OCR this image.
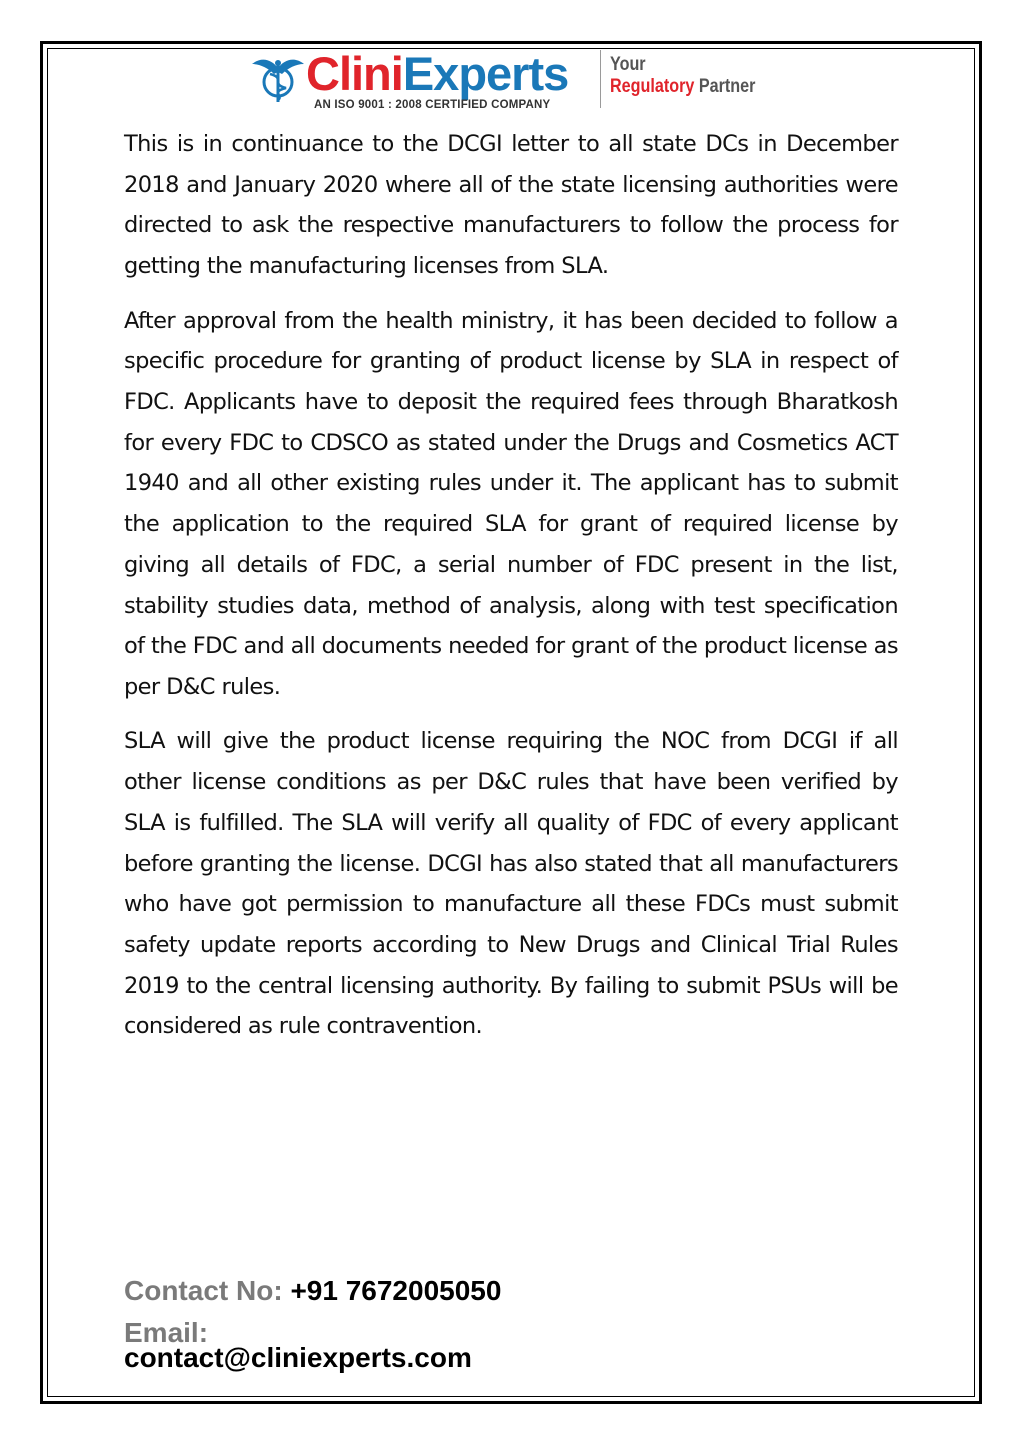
CliniExperts
AN ISO 9001 : 2008 CERTIFIED COMPANY
Your
Regulatory Partner

This is in continuance to the DCGI letter to all state DCs in December 2018 and January 2020 where all of the state licensing authorities were directed to ask the respective manufacturers to follow the process for getting the manufacturing licenses from SLA.

After approval from the health ministry, it has been decided to follow a specific procedure for granting of product license by SLA in respect of FDC. Applicants have to deposit the required fees through Bharatkosh for every FDC to CDSCO as stated under the Drugs and Cosmetics ACT 1940 and all other existing rules under it. The applicant has to submit the application to the required SLA for grant of required license by giving all details of FDC, a serial number of FDC present in the list, stability studies data, method of analysis, along with test specification of the FDC and all documents needed for grant of the product license as per D&C rules.

SLA will give the product license requiring the NOC from DCGI if all other license conditions as per D&C rules that have been verified by SLA is fulfilled. The SLA will verify all quality of FDC of every applicant before granting the license. DCGI has also stated that all manufacturers who have got permission to manufacture all these FDCs must submit safety update reports according to New Drugs and Clinical Trial Rules 2019 to the central licensing authority. By failing to submit PSUs will be considered as rule contravention.

Contact No: +91 7672005050
Email:
contact@cliniexperts.com
